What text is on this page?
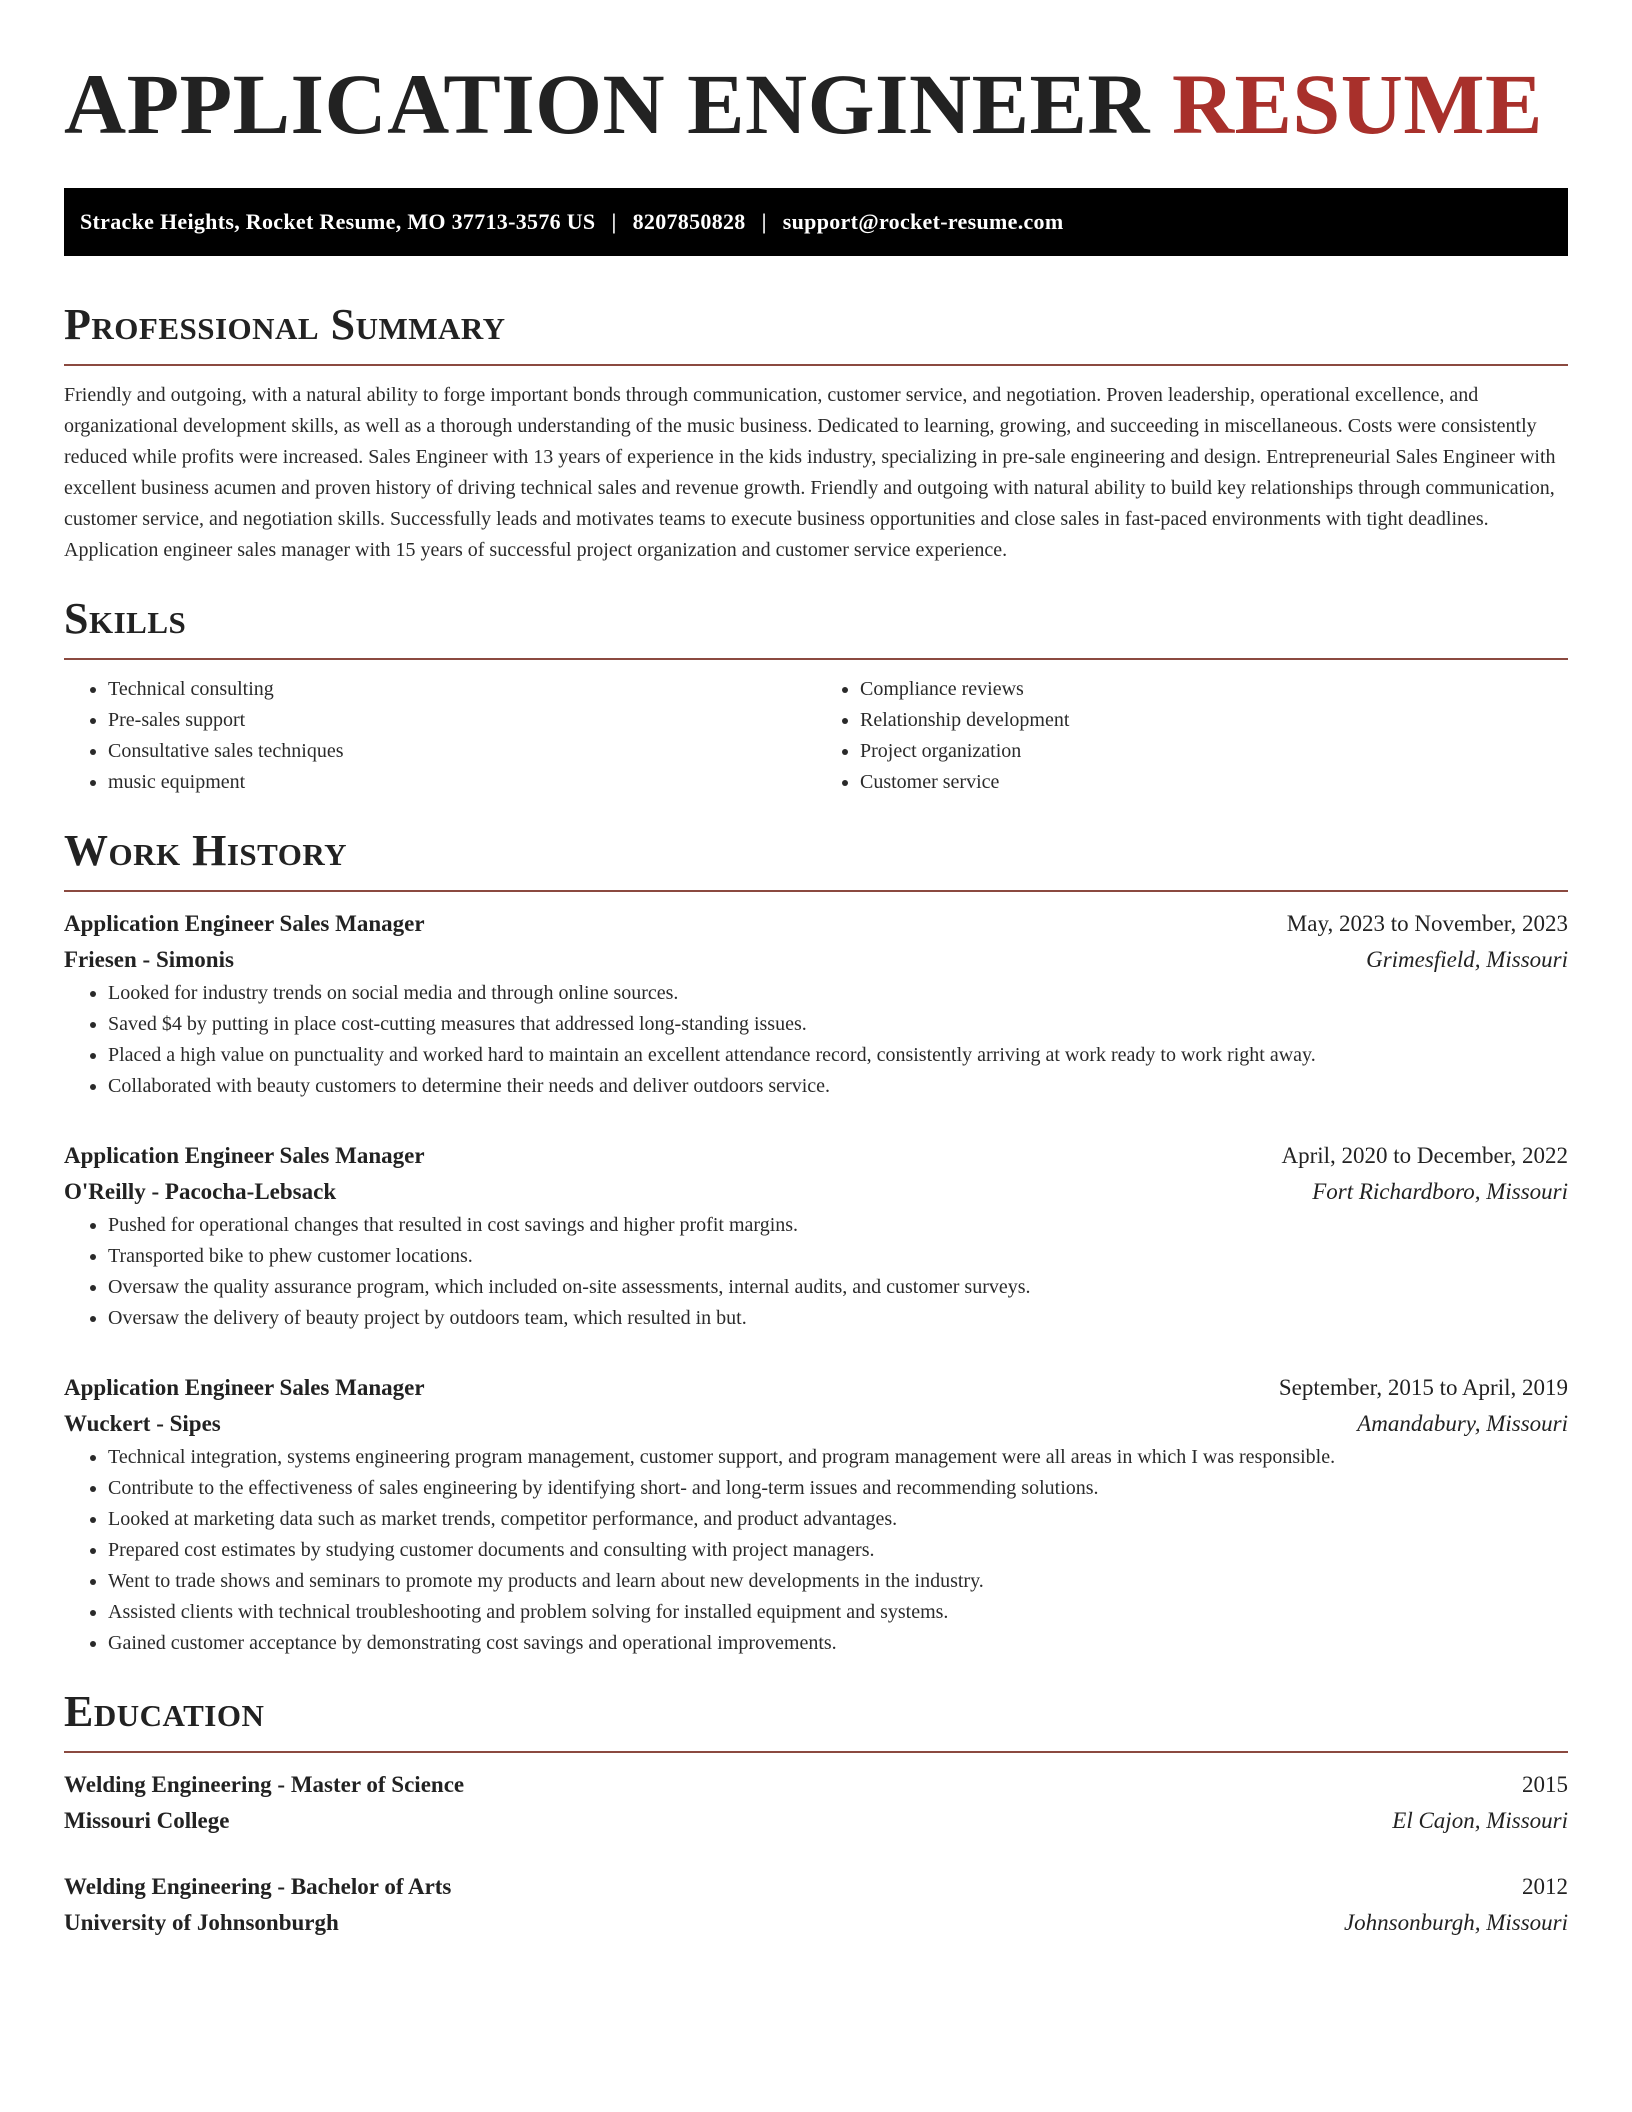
APPLICATION ENGINEER RESUME
Stracke Heights, Rocket Resume, MO 37713-3576 US | 8207850828 | support@rocket-resume.com
Professional Summary

Friendly and outgoing, with a natural ability to forge important bonds through communication, customer service, and negotiation. Proven leadership, operational excellence, and organizational development skills, as well as a thorough understanding of the music business. Dedicated to learning, growing, and succeeding in miscellaneous. Costs were consistently reduced while profits were increased. Sales Engineer with 13 years of experience in the kids industry, specializing in pre-sale engineering and design. Entrepreneurial Sales Engineer with excellent business acumen and proven history of driving technical sales and revenue growth. Friendly and outgoing with natural ability to build key relationships through communication, customer service, and negotiation skills. Successfully leads and motivates teams to execute business opportunities and close sales in fast-paced environments with tight deadlines. Application engineer sales manager with 15 years of successful project organization and customer service experience.

Skills
• Technical consulting
• Pre-sales support
• Consultative sales techniques
• music equipment
• Compliance reviews
• Relationship development
• Project organization
• Customer service
Work History
Application Engineer Sales Manager	May, 2023 to November, 2023
Friesen - Simonis	Grimesfield, Missouri
• Looked for industry trends on social media and through online sources.
• Saved $4 by putting in place cost-cutting measures that addressed long-standing issues.
• Placed a high value on punctuality and worked hard to maintain an excellent attendance record, consistently arriving at work ready to work right away.
• Collaborated with beauty customers to determine their needs and deliver outdoors service.
Application Engineer Sales Manager	April, 2020 to December, 2022
O'Reilly - Pacocha-Lebsack	Fort Richardboro, Missouri
• Pushed for operational changes that resulted in cost savings and higher profit margins.
• Transported bike to phew customer locations.
• Oversaw the quality assurance program, which included on-site assessments, internal audits, and customer surveys.
• Oversaw the delivery of beauty project by outdoors team, which resulted in but.
Application Engineer Sales Manager	September, 2015 to April, 2019
Wuckert - Sipes	Amandabury, Missouri
• Technical integration, systems engineering program management, customer support, and program management were all areas in which I was responsible.
• Contribute to the effectiveness of sales engineering by identifying short- and long-term issues and recommending solutions.
• Looked at marketing data such as market trends, competitor performance, and product advantages.
• Prepared cost estimates by studying customer documents and consulting with project managers.
• Went to trade shows and seminars to promote my products and learn about new developments in the industry.
• Assisted clients with technical troubleshooting and problem solving for installed equipment and systems.
• Gained customer acceptance by demonstrating cost savings and operational improvements.
Education
Welding Engineering - Master of Science	2015
Missouri College	El Cajon, Missouri
Welding Engineering - Bachelor of Arts	2012
University of Johnsonburgh	Johnsonburgh, Missouri
